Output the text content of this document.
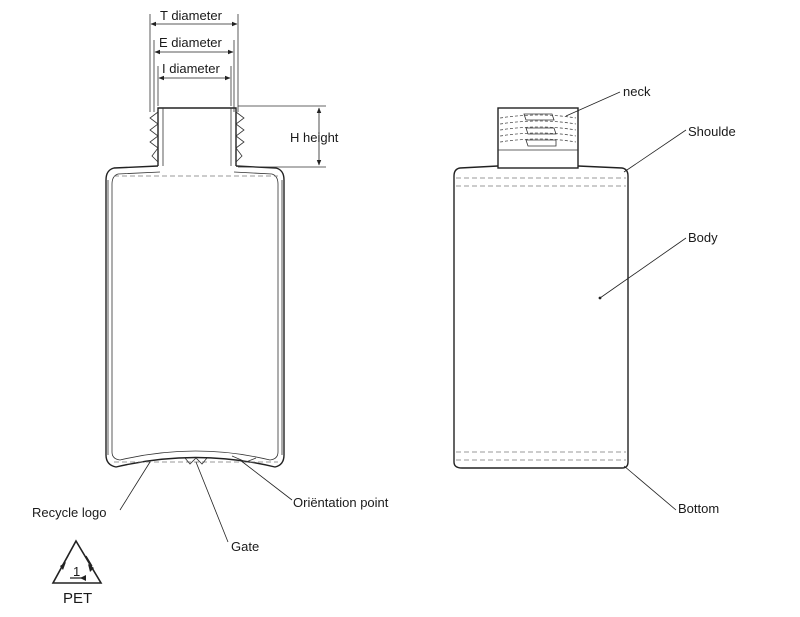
T diameter
E diameter
I diameter
H height
Recycle logo
Gate
Oriëntation point
1
PET
neck
Shoulde
Body
Bottom
